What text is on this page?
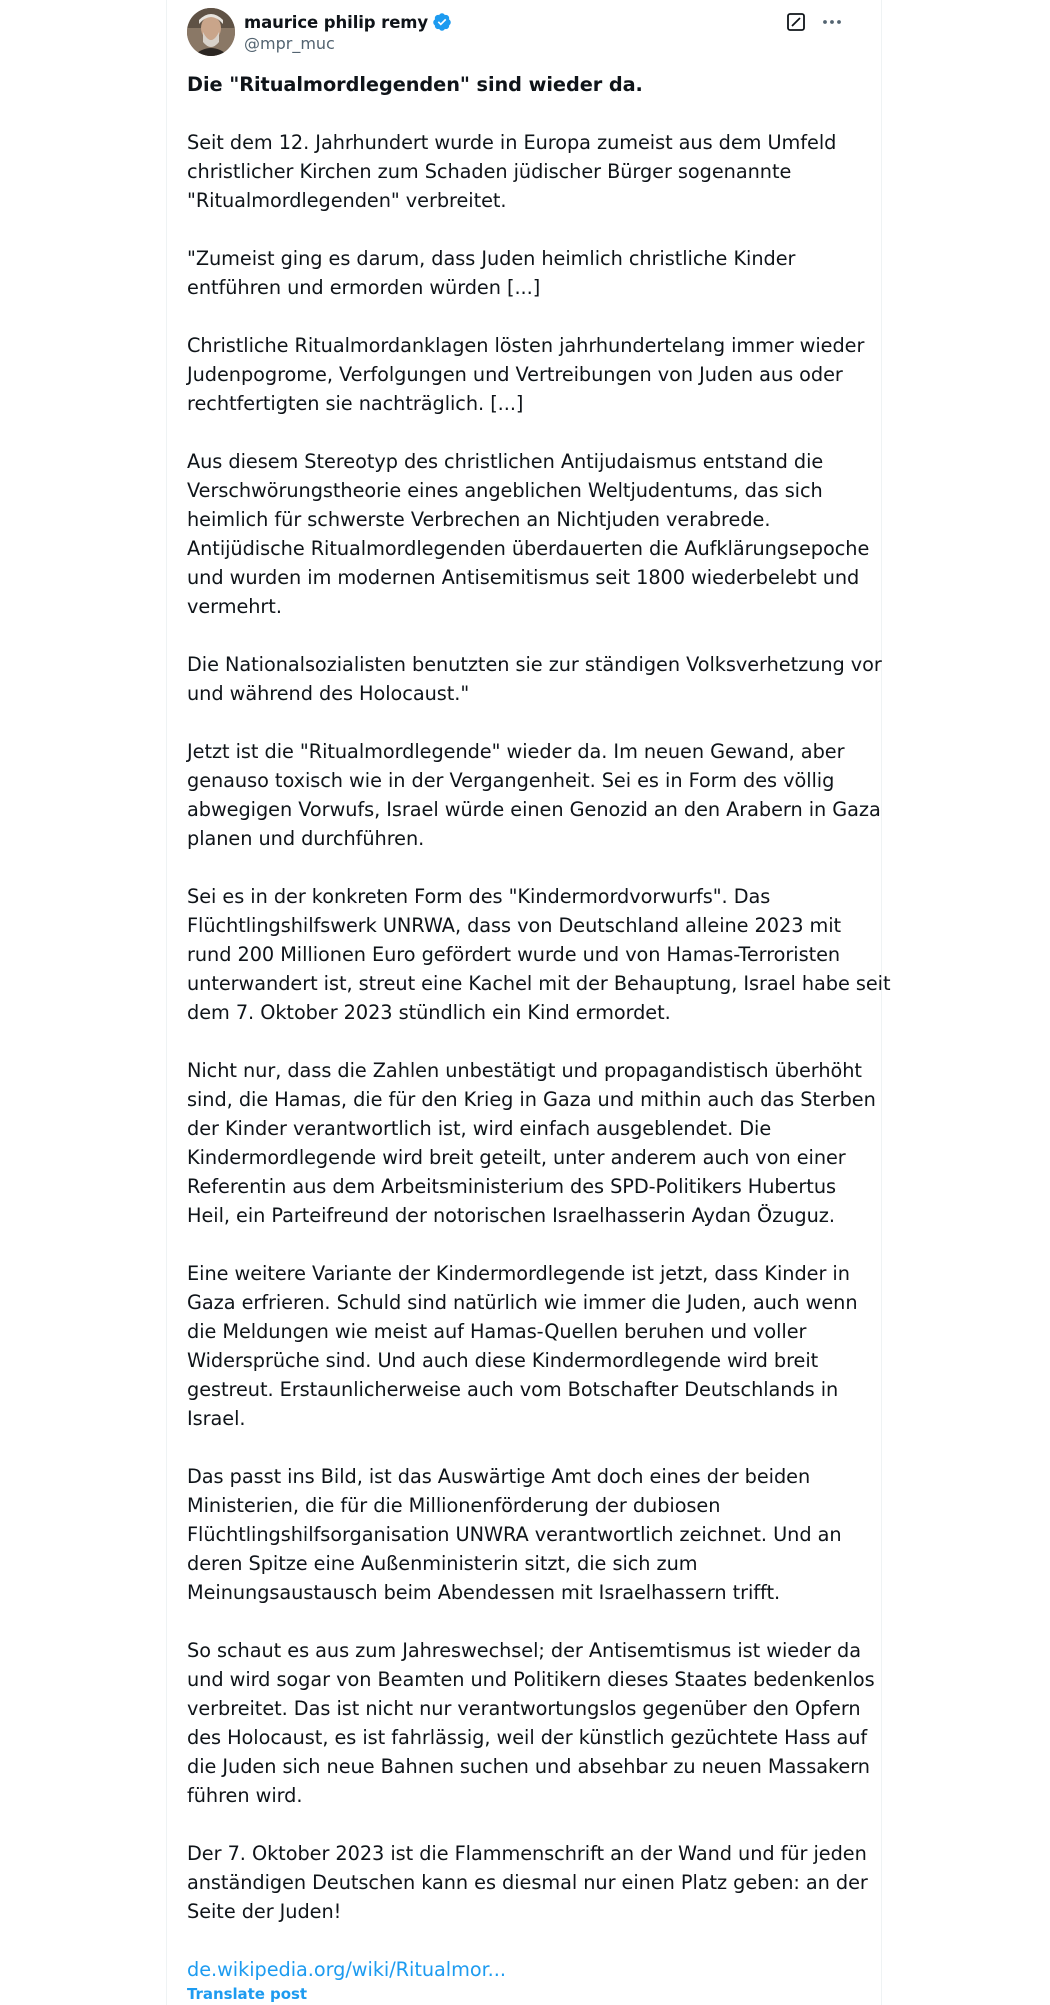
maurice philip remy
@mpr_muc
Die "Ritualmordlegenden" sind wieder da.
Seit dem 12. Jahrhundert wurde in Europa zumeist aus dem Umfeld
christlicher Kirchen zum Schaden jüdischer Bürger sogenannte
"Ritualmordlegenden" verbreitet.
"Zumeist ging es darum, dass Juden heimlich christliche Kinder
entführen und ermorden würden [...]
Christliche Ritualmordanklagen lösten jahrhundertelang immer wieder
Judenpogrome, Verfolgungen und Vertreibungen von Juden aus oder
rechtfertigten sie nachträglich. [...]
Aus diesem Stereotyp des christlichen Antijudaismus entstand die
Verschwörungstheorie eines angeblichen Weltjudentums, das sich
heimlich für schwerste Verbrechen an Nichtjuden verabrede.
Antijüdische Ritualmordlegenden überdauerten die Aufklärungsepoche
und wurden im modernen Antisemitismus seit 1800 wiederbelebt und
vermehrt.
Die Nationalsozialisten benutzten sie zur ständigen Volksverhetzung vor
und während des Holocaust."
Jetzt ist die "Ritualmordlegende" wieder da. Im neuen Gewand, aber
genauso toxisch wie in der Vergangenheit. Sei es in Form des völlig
abwegigen Vorwufs, Israel würde einen Genozid an den Arabern in Gaza
planen und durchführen.
Sei es in der konkreten Form des "Kindermordvorwurfs". Das
Flüchtlingshilfswerk UNRWA, dass von Deutschland alleine 2023 mit
rund 200 Millionen Euro gefördert wurde und von Hamas-Terroristen
unterwandert ist, streut eine Kachel mit der Behauptung, Israel habe seit
dem 7. Oktober 2023 stündlich ein Kind ermordet.
Nicht nur, dass die Zahlen unbestätigt und propagandistisch überhöht
sind, die Hamas, die für den Krieg in Gaza und mithin auch das Sterben
der Kinder verantwortlich ist, wird einfach ausgeblendet. Die
Kindermordlegende wird breit geteilt, unter anderem auch von einer
Referentin aus dem Arbeitsministerium des SPD-Politikers Hubertus
Heil, ein Parteifreund der notorischen Israelhasserin Aydan Özuguz.
Eine weitere Variante der Kindermordlegende ist jetzt, dass Kinder in
Gaza erfrieren. Schuld sind natürlich wie immer die Juden, auch wenn
die Meldungen wie meist auf Hamas-Quellen beruhen und voller
Widersprüche sind. Und auch diese Kindermordlegende wird breit
gestreut. Erstaunlicherweise auch vom Botschafter Deutschlands in
Israel.
Das passt ins Bild, ist das Auswärtige Amt doch eines der beiden
Ministerien, die für die Millionenförderung der dubiosen
Flüchtlingshilfsorganisation UNWRA verantwortlich zeichnet. Und an
deren Spitze eine Außenministerin sitzt, die sich zum
Meinungsaustausch beim Abendessen mit Israelhassern trifft.
So schaut es aus zum Jahreswechsel; der Antisemtismus ist wieder da
und wird sogar von Beamten und Politikern dieses Staates bedenkenlos
verbreitet. Das ist nicht nur verantwortungslos gegenüber den Opfern
des Holocaust, es ist fahrlässig, weil der künstlich gezüchtete Hass auf
die Juden sich neue Bahnen suchen und absehbar zu neuen Massakern
führen wird.
Der 7. Oktober 2023 ist die Flammenschrift an der Wand und für jeden
anständigen Deutschen kann es diesmal nur einen Platz geben: an der
Seite der Juden!
de.wikipedia.org/wiki/Ritualmor...
Translate post
